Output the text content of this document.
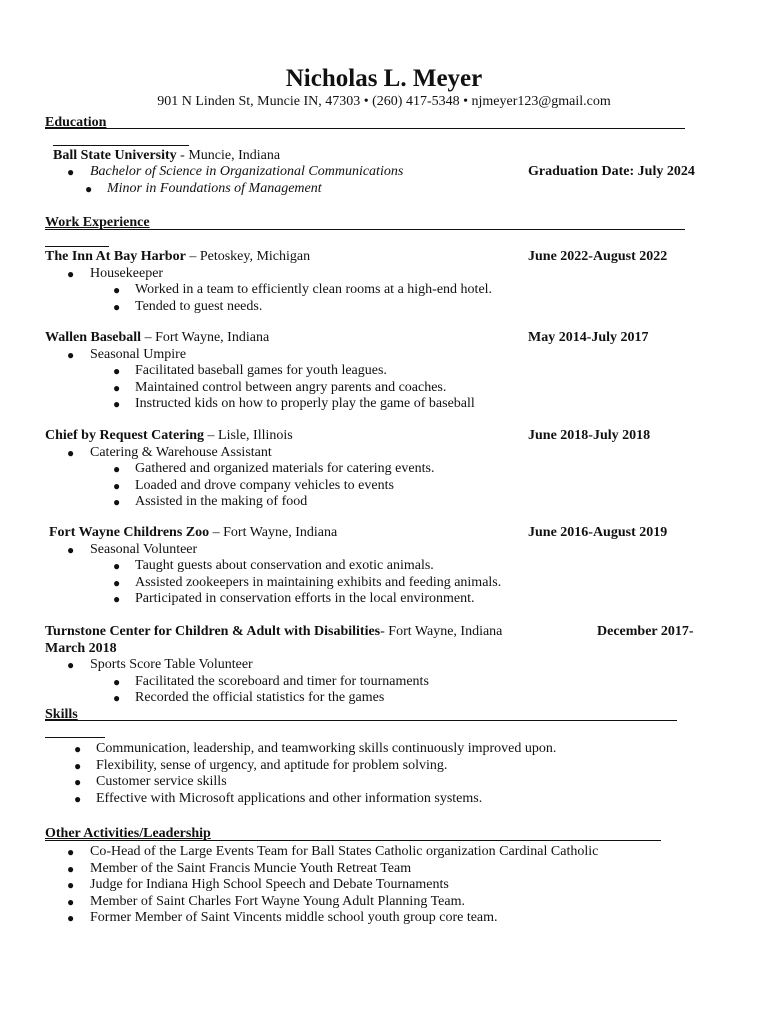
Nicholas L. Meyer
901 N Linden St, Muncie IN, 47303 • (260) 417-5348 • njmeyer123@gmail.com
Education
Ball State University - Muncie, Indiana
● Bachelor of Science in Organizational Communications
● Minor in Foundations of Management
Graduation Date: July 2024
Work Experience
The Inn At Bay Harbor – Petoskey, Michigan
● Housekeeper
● Worked in a team to efficiently clean rooms at a high-end hotel.
● Tended to guest needs.
June 2022-August 2022
Wallen Baseball – Fort Wayne, Indiana
● Seasonal Umpire
● Facilitated baseball games for youth leagues.
● Maintained control between angry parents and coaches.
● Instructed kids on how to properly play the game of baseball
May 2014-July 2017
Chief by Request Catering – Lisle, Illinois
● Catering & Warehouse Assistant
● Gathered and organized materials for catering events.
● Loaded and drove company vehicles to events
● Assisted in the making of food
June 2018-July 2018
Fort Wayne Childrens Zoo – Fort Wayne, Indiana
● Seasonal Volunteer
● Taught guests about conservation and exotic animals.
● Assisted zookeepers in maintaining exhibits and feeding animals.
● Participated in conservation efforts in the local environment.
June 2016-August 2019
Turnstone Center for Children & Adult with Disabilities- Fort Wayne, Indiana
March 2018
● Sports Score Table Volunteer
● Facilitated the scoreboard and timer for tournaments
● Recorded the official statistics for the games
December 2017-
Skills
● Communication, leadership, and teamworking skills continuously improved upon.
● Flexibility, sense of urgency, and aptitude for problem solving.
● Customer service skills
● Effective with Microsoft applications and other information systems.
Other Activities/Leadership
● Co-Head of the Large Events Team for Ball States Catholic organization Cardinal Catholic
● Member of the Saint Francis Muncie Youth Retreat Team
● Judge for Indiana High School Speech and Debate Tournaments
● Member of Saint Charles Fort Wayne Young Adult Planning Team.
● Former Member of Saint Vincents middle school youth group core team.
